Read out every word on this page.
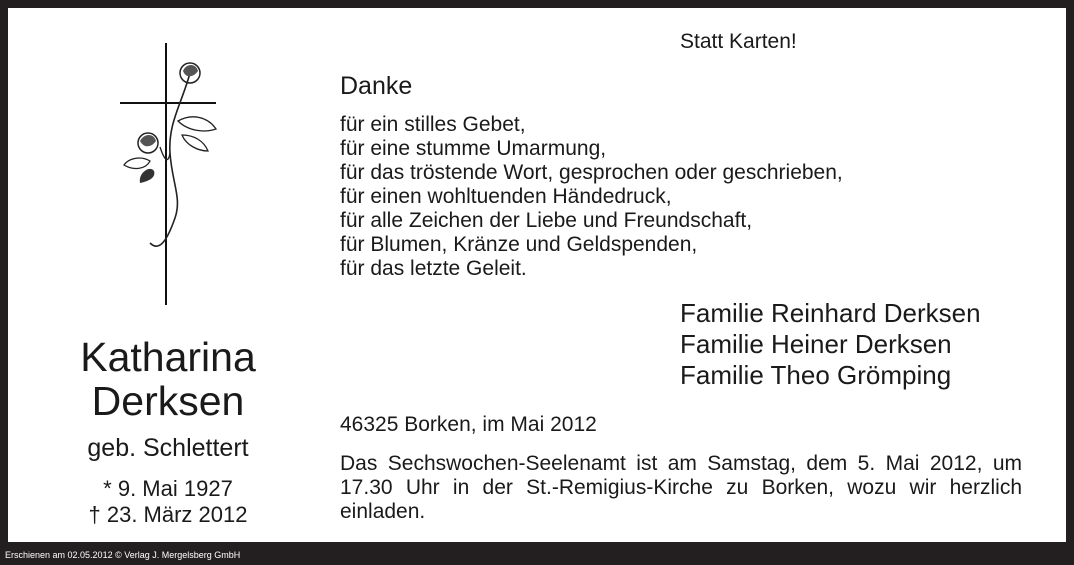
Katharina
Derksen
geb. Schlettert
* 9. Mai 1927
† 23. März 2012
Statt Karten!
Danke
für ein stilles Gebet,
für eine stumme Umarmung,
für das tröstende Wort, gesprochen oder geschrieben,
für einen wohltuenden Händedruck,
für alle Zeichen der Liebe und Freundschaft,
für Blumen, Kränze und Geldspenden,
für das letzte Geleit.
Familie Reinhard Derksen
Familie Heiner Derksen
Familie Theo Grömping
46325 Borken, im Mai 2012
Das Sechswochen-Seelenamt ist am Samstag, dem 5. Mai 2012, um 17.30 Uhr in der St.-Remigius-Kirche zu Borken, wozu wir herzlich einladen.
Erschienen am 02.05.2012 © Verlag J. Mergelsberg GmbH
